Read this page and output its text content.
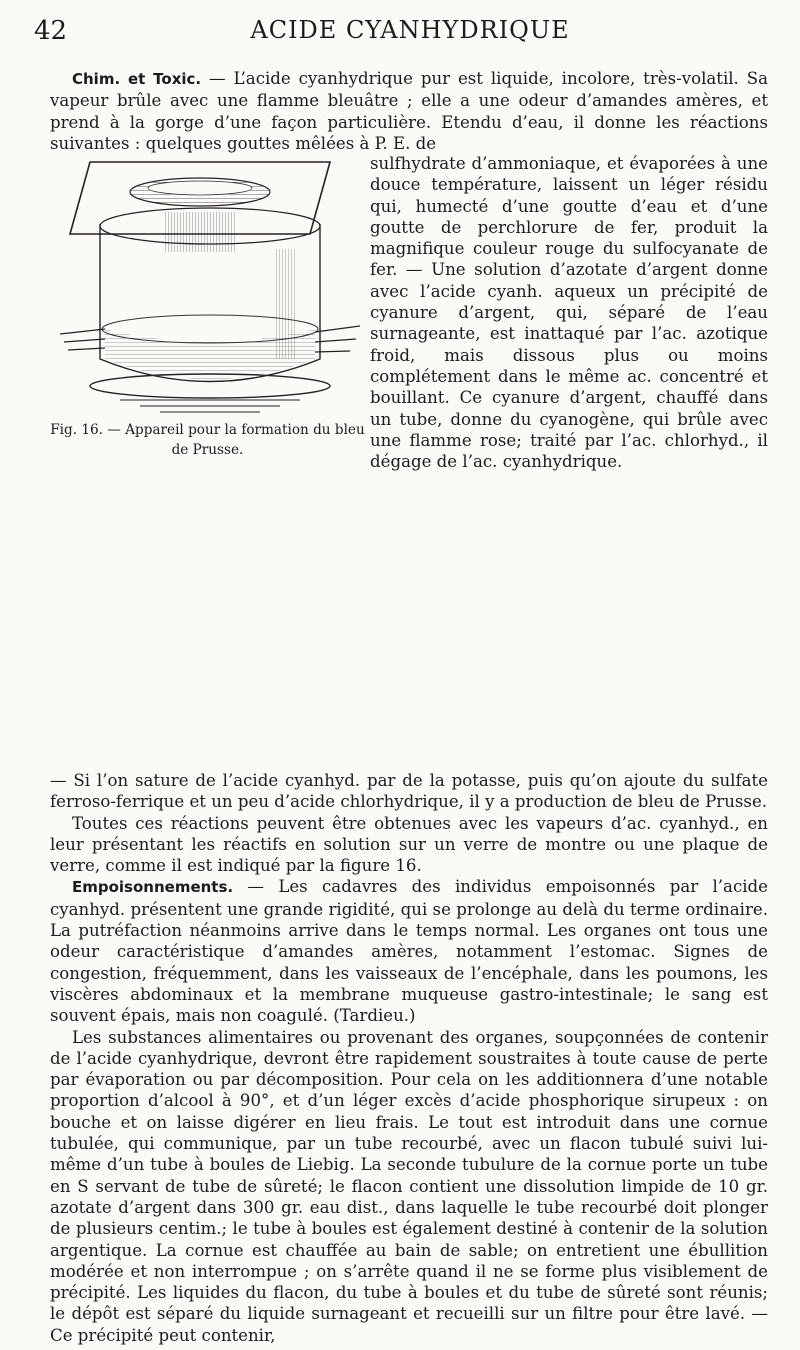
42	ACIDE CYANHYDRIQUE

Chim. et Toxic. — L’acide cyanhydrique pur est liquide, incolore, très-volatil. Sa vapeur brûle avec une flamme bleuâtre ; elle a une odeur d’amandes amères, et prend à la gorge d’une façon particulière. Etendu d’eau, il donne les réactions suivantes : quelques gouttes mêlées à P. E. de

Fig. 16. — Appareil pour la formation du bleu de Prusse.

sulfhydrate d’ammoniaque, et évaporées à une douce température, laissent un léger résidu qui, humecté d’une goutte d’eau et d’une goutte de perchlorure de fer, produit la magnifique couleur rouge du sulfocyanate de fer. — Une solution d’azotate d’argent donne avec l’acide cyanh. aqueux un précipité de cyanure d’argent, qui, séparé de l’eau surnageante, est inattaqué par l’ac. azotique froid, mais dissous plus ou moins complétement dans le même ac. concentré et bouillant. Ce cyanure d’argent, chauffé dans un tube, donne du cyanogène, qui brûle avec une flamme rose; traité par l’ac. chlorhyd., il dégage de l’ac. cyanhydrique.

— Si l’on sature de l’acide cyanhyd. par de la potasse, puis qu’on ajoute du sulfate ferroso-ferrique et un peu d’acide chlorhydrique, il y a production de bleu de Prusse.

Toutes ces réactions peuvent être obtenues avec les vapeurs d’ac. cyanhyd., en leur présentant les réactifs en solution sur un verre de montre ou une plaque de verre, comme il est indiqué par la figure 16.

Empoisonnements. — Les cadavres des individus empoisonnés par l’acide cyanhyd. présentent une grande rigidité, qui se prolonge au delà du terme ordinaire. La putréfaction néanmoins arrive dans le temps normal. Les organes ont tous une odeur caractéristique d’amandes amères, notamment l’estomac. Signes de congestion, fréquemment, dans les vaisseaux de l’encéphale, dans les poumons, les viscères abdominaux et la membrane muqueuse gastro-intestinale; le sang est souvent épais, mais non coagulé. (Tardieu.)

Les substances alimentaires ou provenant des organes, soupçonnées de contenir de l’acide cyanhydrique, devront être rapidement soustraites à toute cause de perte par évaporation ou par décomposition. Pour cela on les additionnera d’une notable proportion d’alcool à 90°, et d’un léger excès d’acide phosphorique sirupeux : on bouche et on laisse digérer en lieu frais. Le tout est introduit dans une cornue tubulée, qui communique, par un tube recourbé, avec un flacon tubulé suivi lui-même d’un tube à boules de Liebig. La seconde tubulure de la cornue porte un tube en S servant de tube de sûreté; le flacon contient une dissolution limpide de 10 gr. azotate d’argent dans 300 gr. eau dist., dans laquelle le tube recourbé doit plonger de plusieurs centim.; le tube à boules est également destiné à contenir de la solution argentique. La cornue est chauffée au bain de sable; on entretient une ébullition modérée et non interrompue ; on s’arrête quand il ne se forme plus visiblement de précipité. Les liquides du flacon, du tube à boules et du tube de sûreté sont réunis; le dépôt est séparé du liquide surnageant et recueilli sur un filtre pour être lavé. — Ce précipité peut contenir,
